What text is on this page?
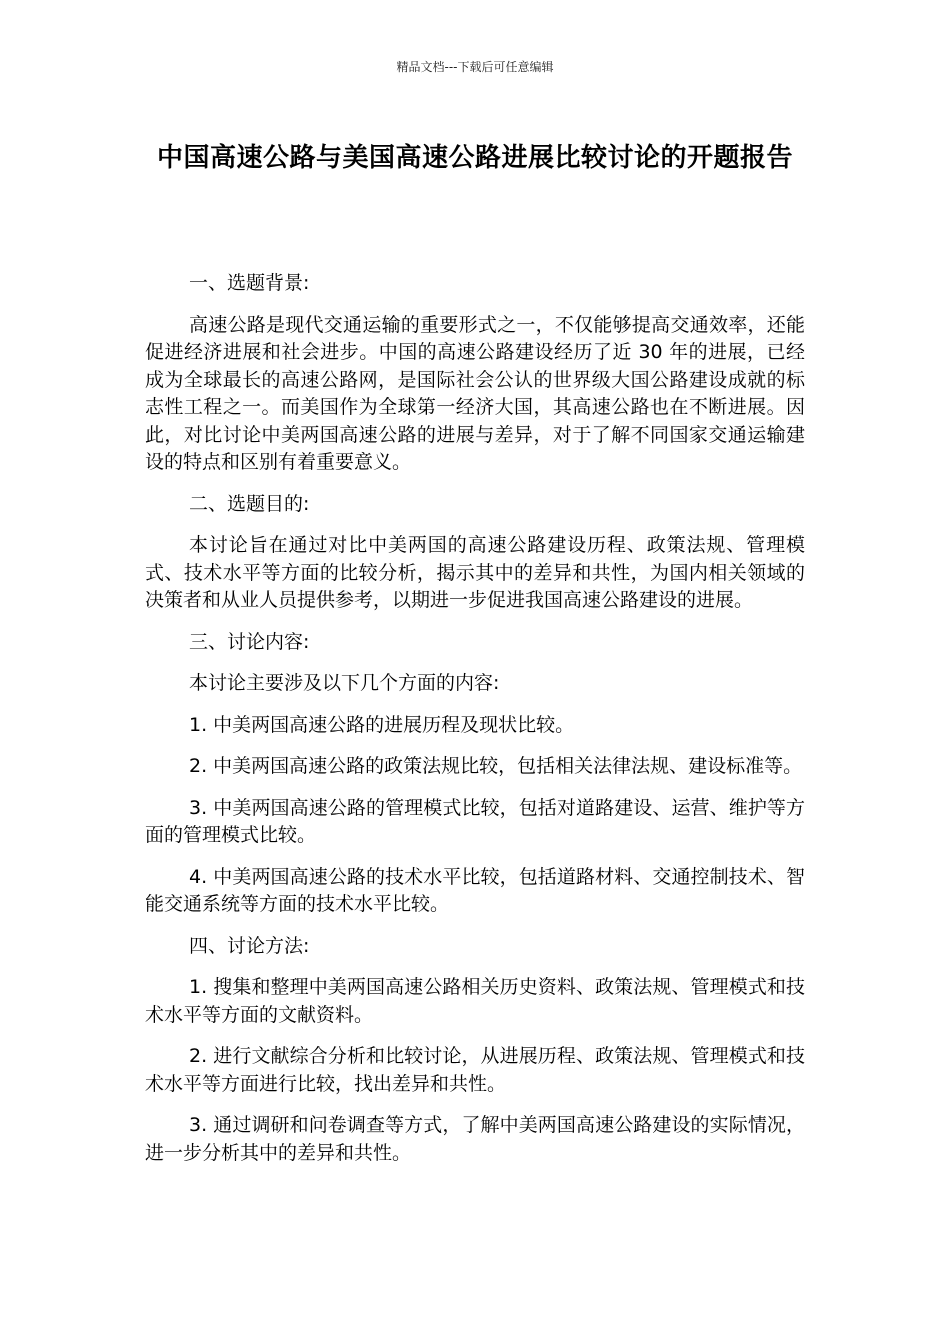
精品文档---下载后可任意编辑
中国高速公路与美国高速公路进展比较讨论的开题报告

一、选题背景:

高速公路是现代交通运输的重要形式之一，不仅能够提高交通效率，还能促进经济进展和社会进步。中国的高速公路建设经历了近 30 年的进展，已经成为全球最长的高速公路网，是国际社会公认的世界级大国公路建设成就的标志性工程之一。而美国作为全球第一经济大国，其高速公路也在不断进展。因此，对比讨论中美两国高速公路的进展与差异，对于了解不同国家交通运输建设的特点和区别有着重要意义。

二、选题目的:

本讨论旨在通过对比中美两国的高速公路建设历程、政策法规、管理模式、技术水平等方面的比较分析，揭示其中的差异和共性，为国内相关领域的决策者和从业人员提供参考，以期进一步促进我国高速公路建设的进展。

三、讨论内容:

本讨论主要涉及以下几个方面的内容:

1. 中美两国高速公路的进展历程及现状比较。

2. 中美两国高速公路的政策法规比较，包括相关法律法规、建设标准等。

3. 中美两国高速公路的管理模式比较，包括对道路建设、运营、维护等方面的管理模式比较。

4. 中美两国高速公路的技术水平比较，包括道路材料、交通控制技术、智能交通系统等方面的技术水平比较。

四、讨论方法:

1. 搜集和整理中美两国高速公路相关历史资料、政策法规、管理模式和技术水平等方面的文献资料。

2. 进行文献综合分析和比较讨论，从进展历程、政策法规、管理模式和技术水平等方面进行比较，找出差异和共性。

3. 通过调研和问卷调查等方式，了解中美两国高速公路建设的实际情况，进一步分析其中的差异和共性。
